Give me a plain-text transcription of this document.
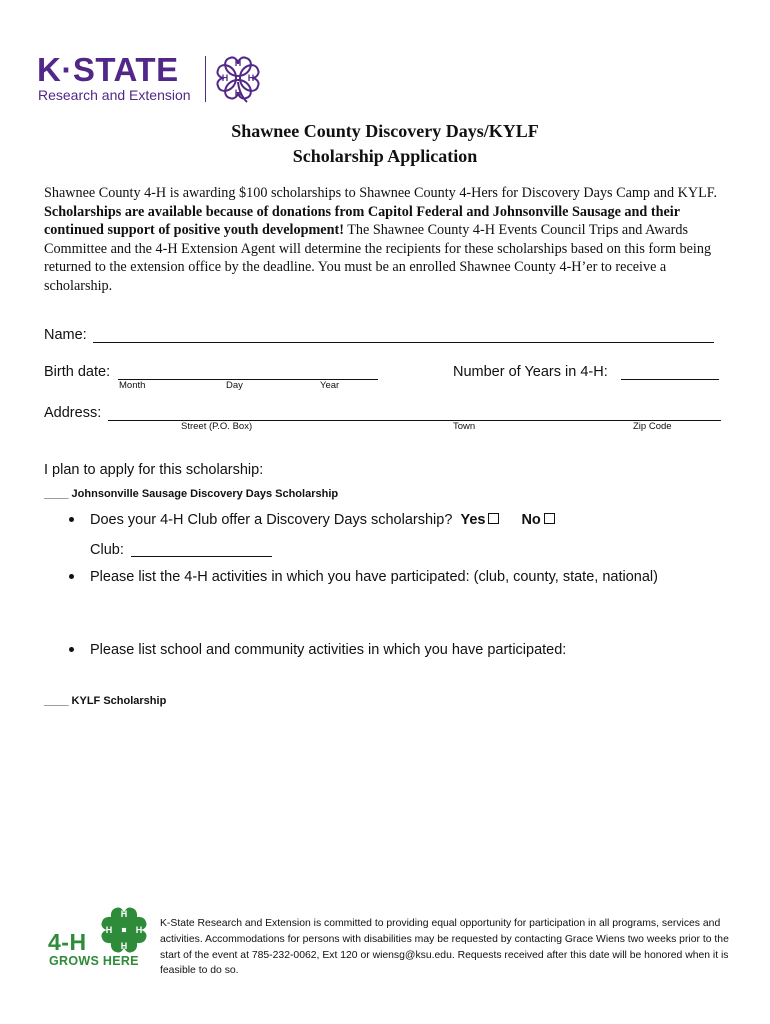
K·STATE
Research and Extension
H
H
H
H
Shawnee County Discovery Days/KYLF
Scholarship Application
Shawnee County 4-H is awarding $100 scholarships to Shawnee County 4-Hers for Discovery Days Camp and KYLF. Scholarships are available because of donations from Capitol Federal and Johnsonville Sausage and their continued support of positive youth development! The Shawnee County 4-H Events Council Trips and Awards Committee and the 4-H Extension Agent will determine the recipients for these scholarships based on this form being returned to the extension office by the deadline. You must be an enrolled Shawnee County 4-H’er to receive a scholarship.
Name:
Birth date:
Month	Day	Year
Number of Years in 4-H:
Address:
Street (P.O. Box)	Town	Zip Code
I plan to apply for this scholarship:
____ Johnsonville Sausage Discovery Days Scholarship
Does your 4-H Club offer a Discovery Days scholarship? Yes No
Club:
Please list the 4-H activities in which you have participated: (club, county, state, national)
Please list school and community activities in which you have participated:
____ KYLF Scholarship
H
H
H
H
4-H
GROWS HERE
K-State Research and Extension is committed to providing equal opportunity for participation in all programs, services and activities. Accommodations for persons with disabilities may be requested by contacting Grace Wiens two weeks prior to the start of the event at 785-232-0062, Ext 120 or wiensg@ksu.edu. Requests received after this date will be honored when it is feasible to do so.
